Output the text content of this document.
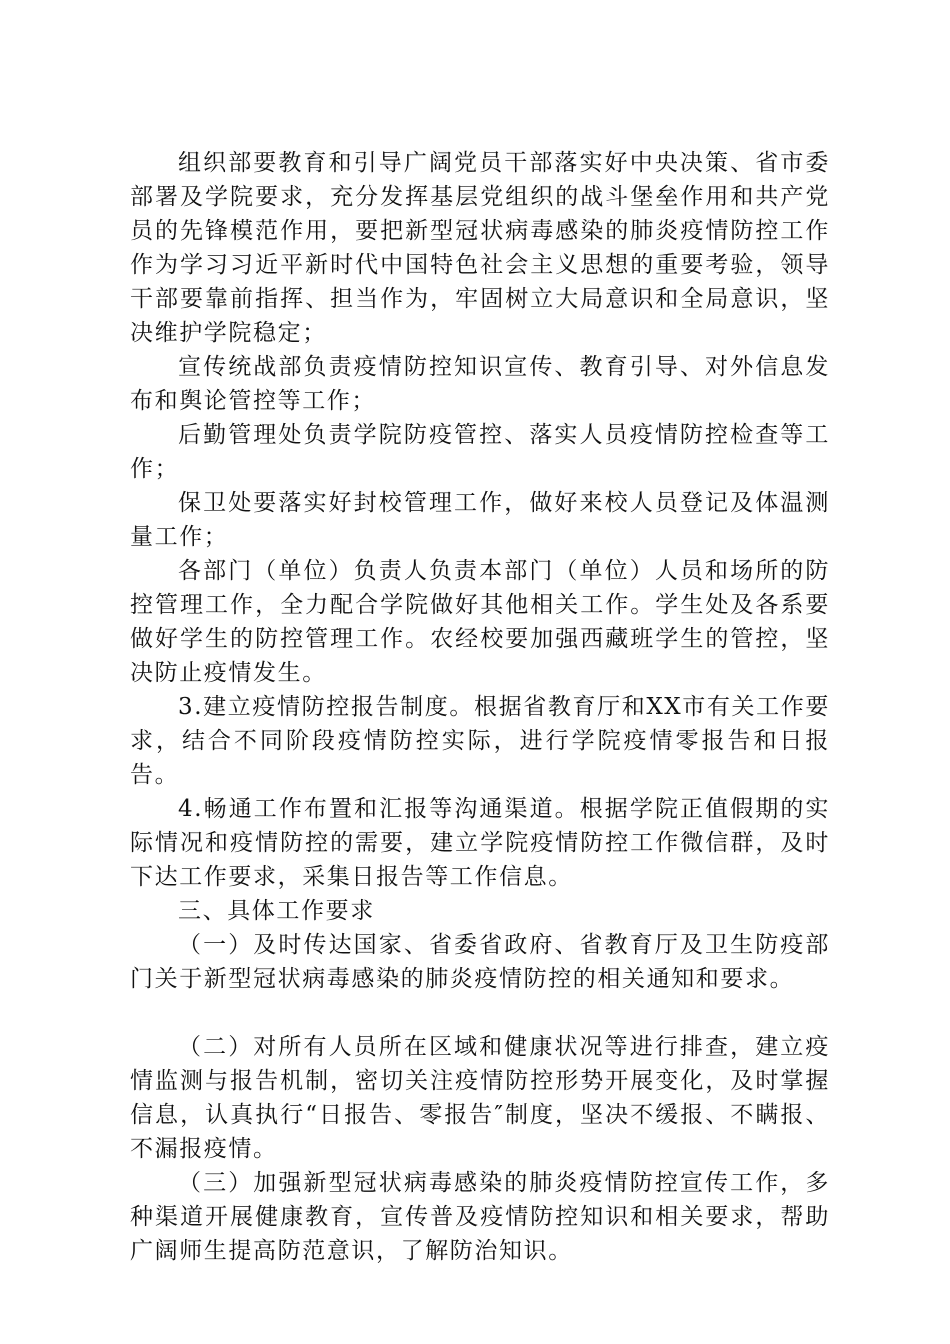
组织部要教育和引导广阔党员干部落实好中央决策、省市委部署及学院要求，充分发挥基层党组织的战斗堡垒作用和共产党员的先锋模范作用，要把新型冠状病毒感染的肺炎疫情防控工作作为学习习近平新时代中国特色社会主义思想的重要考验，领导干部要靠前指挥、担当作为，牢固树立大局意识和全局意识，坚决维护学院稳定；

宣传统战部负责疫情防控知识宣传、教育引导、对外信息发布和舆论管控等工作；

后勤管理处负责学院防疫管控、落实人员疫情防控检查等工作；

保卫处要落实好封校管理工作，做好来校人员登记及体温测量工作；

各部门（单位）负责人负责本部门（单位）人员和场所的防控管理工作，全力配合学院做好其他相关工作。学生处及各系要做好学生的防控管理工作。农经校要加强西藏班学生的管控，坚决防止疫情发生。

3.建立疫情防控报告制度。根据省教育厅和XX市有关工作要求，结合不同阶段疫情防控实际，进行学院疫情零报告和日报告。

4.畅通工作布置和汇报等沟通渠道。根据学院正值假期的实际情况和疫情防控的需要，建立学院疫情防控工作微信群，及时下达工作要求，采集日报告等工作信息。

三、具体工作要求

（一）及时传达国家、省委省政府、省教育厅及卫生防疫部门关于新型冠状病毒感染的肺炎疫情防控的相关通知和要求。

（二）对所有人员所在区域和健康状况等进行排查，建立疫情监测与报告机制，密切关注疫情防控形势开展变化，及时掌握信息，认真执行“日报告、零报告″制度，坚决不缓报、不瞒报、不漏报疫情。

（三）加强新型冠状病毒感染的肺炎疫情防控宣传工作，多种渠道开展健康教育，宣传普及疫情防控知识和相关要求，帮助广阔师生提高防范意识，了解防治知识。
